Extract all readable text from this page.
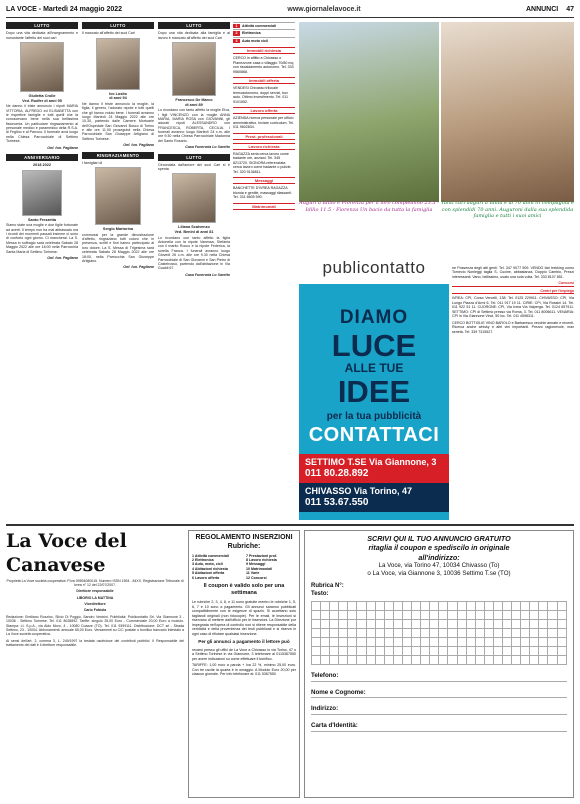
LA VOCE - Martedì 24 maggio 2022	www.giornalelavoce.it	ANNUNCI 47
LUTTO

Dopo una vita dedicata all'insegnamento e nonostante l'affetto dei suoi cari

Giulietta Crolle
Ved. Rodfer di anni 95

Ne danno il triste annuncio i nipoti MARIA VITTORIA, ALFREDO ed ELISABETTA con le rispettive famiglie e tutti quelli che la conoscevano bene nella sua bellissima fisionomia. Un particolare ringraziamento al personale medico e paramedico della R.S.A. di Feglino e al Parroco. Il funerale avrà luogo nella Chiesa Parrocchiale di Settimo Torinese.

Onf. fun. Pagliano
ANNIVERSARIO
2018 2022
Santo Frezzetta

Siamo state una moglie e due figlie fortunate ad averti. Il tempo non ha mai abbassato ma i ricordi dei momenti passati insieme ci sono di conforto ogni giorno. Ci mancherai. La S. Messa in suffragio sarà celebrata Sabato 28 Maggio 2022 alle ore 18:00 nella Parrocchia Santa Maria di Settimo Torinese.

Onf. fun. Pagliano
LUTTO

Il mancato all'affetto dei suoi Cari

Ivo Losito
di anni 94

Ne danno il triste annuncio la moglie, la figlia, il genero, l'adorato nipote e tutti quelli che gli hanno voluto bene. I funerali avranno luogo Martedì 24 Maggio 2022 alle ore 10.30, partendo dalle Camere Mortuarie dell'Ospedale San Giovanni Bosco di Torino e alle ore 11.00 proseguirà nella Chiesa Parrocchiale San Giuseppe Artigiano di Settimo Torinese.

Onf. fun. Pagliano
RINGRAZIAMENTO

I famigliari di

Sergio Martorina

commossi per la grande dimostrazione d'affetto, ringraziano tutti coloro che in presenza, scritti e fiori hanno partecipato al loro dolore. La S. Messa di Trigesima sarà celebrata Sabato 28 Maggio 2022 alle ore 18:00, nella Parrocchia San Giuseppe Artigiano.

Onf. fun. Pagliano
LUTTO

Dopo una vita dedicata alla famiglia e al lavoro è mancato all'affetto dei suoi Cari

Francesco De Marco
di anni 89

Lo ricordano con tanto affetto la moglie Elva, i figli VINCENZO con la moglie ANNA MARIA, MARIA ROSA con GIOVANNI, gli adorati nipoti ALESSANDRO con FRANCESCA, ROBERTA, CECILIA. I funerali avranno luogo Martedì 24 c.m. alle ore 9:30 nella Chiesa Parrocchiale Madonna del Santo Rosario.

Casa Funeraria Lo Xaretto
LUTTO

Circondata dall'amore dei suoi Cari si è spenta

Liliana Scalvenzo
Ved. Benini di anni 81

Lo ricordano con tanto affetto la figlia Antonella con la nipote Vanessa, Stefania con il marito Rocco e la nipote Federica, la sorella Franca. I funerali avranno luogo Giovedì 26 c.m. alle ore 9.30 nella Chiesa Parrocchiale di San Giovanni e San Pietro di Castelrosso, partendo dall'abitazione in Via Gualdi 67.

Casa Funeraria Lo Xaretto
1	Attività commerciali
2	Elettronica
3	Auto moto cicli
Immobili richiesta

CERCO in affitto a Chivasso o Pianezzone casa o villaggio 70/80 mq con riscaldamento autonomo. Tel. 333 9560868.

Immobili offerta

VENDESI Chivasso trilocale termoautonomo, doppi servizi, box auto. Ottimo investimento. Tel. 011 9101552.

Lavoro offerta

AZIENDA ricerca personale per ufficio amministrativo. Inviare curriculum. Tel. 011 9602834.

Prest. professionali
Lavoro richiesta

RAGAZZA seria cerca lavoro come badante ore, anziani. Tel. 345 8213720. SIGNORA referenziata cerca lavoro come badante o pulizie. Tel. 320 9136811.

Messaggi

BANCHETTE D'IVREA RAGAZZA bionda e gentile, massaggi rilassanti. Tel. 331 6605 590.

Matrimoniali
Auguri a Idilio e Fiorenza per il loro compleanno 23.5 - Idilio 11.5 - Fiorenza Un bacio da tutta la famiglia
Tanti cari auguri a Idilia e ai 70 anni in compagnia e con splendidi 70 anni. Auguroni dalla sua splendida famiglia e tutti i suoi amici
publicontatto
DIAMO
LUCE
ALLE TUE
IDEE
per la tua pubblicità
CONTATTACI
SETTIMO T.SE Via Giannone, 3
011 80.28.892
CHIVASSO Via Torino, 47
011 53.67.550

ne Possenza degli atti genti. Tel. 347 9077 509. VENDO bici trekking uomo Torneclo Nonleggi taglia S. Cucine, abbastanza. Doppio Cambio, Prezzi interessanti. Vano, bellissimo, usato una sola volta. Tel. 333 8107 851.

Concorsi
Centri per l'impiego

IVREA: CPI, Corso Vercelli, 138. Tel. 0125 229911. CHIVASSO: CPI, Via Lungo Piazza d'Armi 6. Tel. 011 917 19 11. CIRIE: CPI, Via Rossini 14. Tel. 011 922 51 11. CUORGNE: CPI, Via Ivrea Via Valperga. Tel. 0124 657911. SETTIMO: CPI di Settimo presso via Roma, 3. Tel. 011 8006611. VENARIA: CPI in Via Giannone Vinci, 50 loc. Tel. 011 4598311.

CERCO BOTTIGLIE VINO BAROLO e Barbaresco vecchie annate e recenti. Ricerca anche whisky e altri vini importanti. Prezzo ragionevole, max serietà. Tel. 339 7315527.

La Voce del Canavese

Proprietà La Voce società cooperativa: P.iva 09594080015. Numero ISSN 1594 - 84XX. Registrazione Tribunale di Ivrea n° 12 del 22/07/2007.

Direttore responsabile
LIBORIO LA MATTINA
Vicedirettore
Carlo Fobiola

Redazione: Emiliano Rozzino, Silvio Di Poggio, Sandro Ventrini. Pubblicità: Publicontatto Srl. Via Giannone 3 - 10036 - Settimo Torinese. Tel. 011 8028892. Tariffe: singolo 25,00 Euro - Commerciale 20,00 Euro a modulo. Stampa: Lt. S.p.A., via Aldo Moro, 4 - 10080 Coazze (TO). Tel. 011 9399111. Distribuzione: DCT srl - Strada Settimo, 23 - 10004. Abbonamenti: annuale 65,00 Euro. Versamenti su C/C postale o bonifico bancario intestato a La Voce società cooperativa.

Ai sensi dell'art. 2, comma 3, L. 249/1997 la testata usufruisce dei contributi pubblici. Il Responsabile del trattamento dei dati è il direttore responsabile.

REGOLAMENTO INSERZIONI
Rubriche:
1 Attività commerciali	7 Prestazioni prof.
2 Elettronica	8 Lavoro richiesta
3 Auto, moto, cicli	9 Messaggi
4 Abitazioni richiesta	10 Matrimoniali
5 Abitazioni offerta	11 Varie
6 Lavoro offerta	12 Concorsi
Il coupon è valido solo per una settimana

Le rubriche 2, 3, 4, 8, e 11 sono gratuite mentro le rubriche 1, 5, 6, 7 e 10 sono a pagamento. Gli annunci saranno pubblicati compatibilmente con le esigenze di spazio. Si accettano solo tagliandi originali (non fotocopie). Per le email, le inserzioni si riservano di mettere dall'ufficio per le inserzioni. La Direzione pur impegnata nell'opera di controllo non si ritiene responsabile della veridicità e della provenienza dei testi pubblicati e si riserva in ogni caso di rifiutare qualsiasi inserzione.

Per gli annunci a pagamento il lettore può

recarsi presso gli uffici de La Voce a Chivasso in via Torino, 47 o a Settimo Torinese in via Giannone, 3 telefonare al 0115367550 per avere indicazioni su come effettuare il bonifico.

TARIFFE: 1,00 euro a parola + Iva 22 %, minimo 25,00 euro. Con tre uscite la quarta è in omaggio. A Modulo Euro 20,00 per ciascun giornale. Per info telefonare al: 011 5367550

SCRIVI QUI IL TUO ANNUNCIO GRATUITO
ritaglia il coupon e spediscilo in originale
all'indirizzo:
La Voce, via Torino 47, 10034 Chivasso (To)
o La Voce, via Giannone 3, 10036 Settimo T.se (TO)
Rubrica N°:
Testo:

Telefono:
Nome e Cognome:
Indirizzo:
Carta d'Identità:
